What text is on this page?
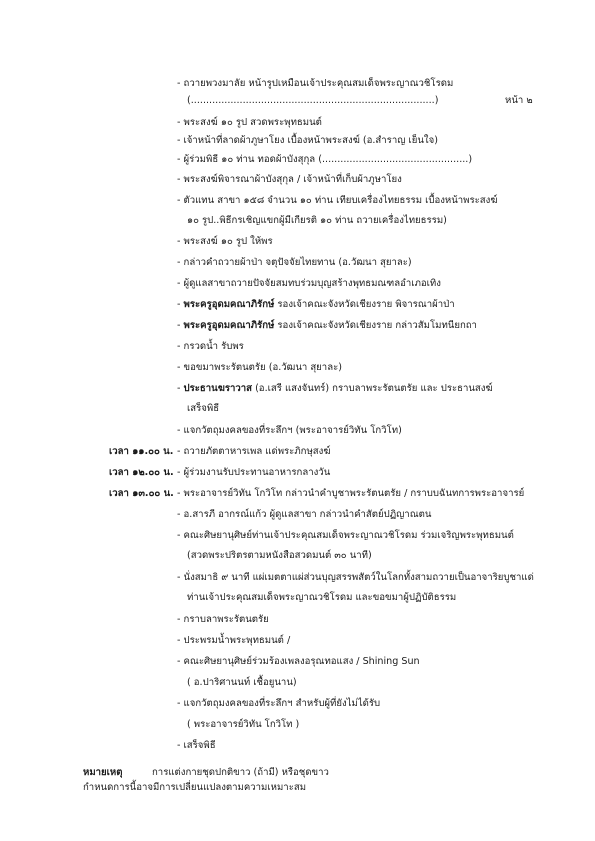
หน้า ๒
- ถวายพวงมาลัย หน้ารูปเหมือนเจ้าประคุณสมเด็จพระญาณวชิโรดม
(................................................................................)
- พระสงฆ์ ๑๐ รูป สวดพระพุทธมนต์
- เจ้าหน้าที่ลาดผ้าภูษาโยง เบื้องหน้าพระสงฆ์ (อ.สำราญ เย็นใจ)
- ผู้ร่วมพิธี ๑๐ ท่าน ทอดผ้าบังสุกุล (................................................)
- พระสงฆ์พิจารณาผ้าบังสุกุล / เจ้าหน้าที่เก็บผ้าภูษาโยง
- ตัวแทน สาขา ๑๕๘ จำนวน ๑๐ ท่าน เทียบเครื่องไทยธรรม เบื้องหน้าพระสงฆ์
๑๐ รูป..พิธีกรเชิญแขกผู้มีเกียรติ ๑๐ ท่าน ถวายเครื่องไทยธรรม)
- พระสงฆ์ ๑๐ รูป ให้พร
- กล่าวคำถวายผ้าป่า จตุปัจจัยไทยทาน (อ.วัฒนา สุยาละ)
- ผู้ดูแลสาขาถวายปัจจัยสมทบร่วมบุญสร้างพุทธมณฑลอำเภอเทิง
- พระครูอุดมคณาภิรักษ์ รองเจ้าคณะจังหวัดเชียงราย พิจารณาผ้าป่า
- พระครูอุดมคณาภิรักษ์ รองเจ้าคณะจังหวัดเชียงราย กล่าวสัมโมทนียกถา
- กรวดน้ำ รับพร
- ขอขมาพระรัตนตรัย (อ.วัฒนา สุยาละ)
- ประธานฆราวาส (อ.เสรี แสงจันทร์) กราบลาพระรัตนตรัย และ ประธานสงฆ์
เสร็จพิธี
- แจกวัตถุมงคลของที่ระลึกฯ (พระอาจารย์วิทัน โกวิโท)
เวลา ๑๑.๐๐ น. - ถวายภัตตาหารเพล แด่พระภิกษุสงฆ์
เวลา ๑๒.๐๐ น. - ผู้ร่วมงานรับประทานอาหารกลางวัน
เวลา ๑๓.๐๐ น. - พระอาจารย์วิทัน โกวิโท กล่าวนำคำบูชาพระรัตนตรัย / กราบบฉันทการพระอาจารย์
- อ.สารภี อากรณ์แก้ว ผู้ดูแลสาขา กล่าวนำคำสัตย์ปฏิญาณตน
- คณะศิษยานุศิษย์ท่านเจ้าประคุณสมเด็จพระญาณวชิโรดม ร่วมเจริญพระพุทธมนต์
(สวดพระปริตรตามหนังสือสวดมนต์ ๓๐ นาที)
- นั่งสมาธิ ๙ นาที แผ่เมตตาแผ่ส่วนบุญสรรพสัตว์ในโลกทั้งสามถวายเป็นอาจาริยบูชาแด่
ท่านเจ้าประคุณสมเด็จพระญาณวชิโรดม และขอขมาผู้ปฏิบัติธรรม
- กราบลาพระรัตนตรัย
- ประพรมน้ำพระพุทธมนต์ /
- คณะศิษยานุศิษย์ร่วมร้องเพลงอรุณทอแสง / Shining Sun
( อ.ปาริศานนท์ เชื้อยูนาน)
- แจกวัตถุมงคลของที่ระลึกฯ สำหรับผู้ที่ยังไม่ได้รับ
( พระอาจารย์วิทัน โกวิโท )
- เสร็จพิธี
หมายเหตุ	การแต่งกายชุดปกติขาว (ถ้ามี) หรือชุดขาว
กำหนดการนี้อาจมีการเปลี่ยนแปลงตามความเหมาะสม
